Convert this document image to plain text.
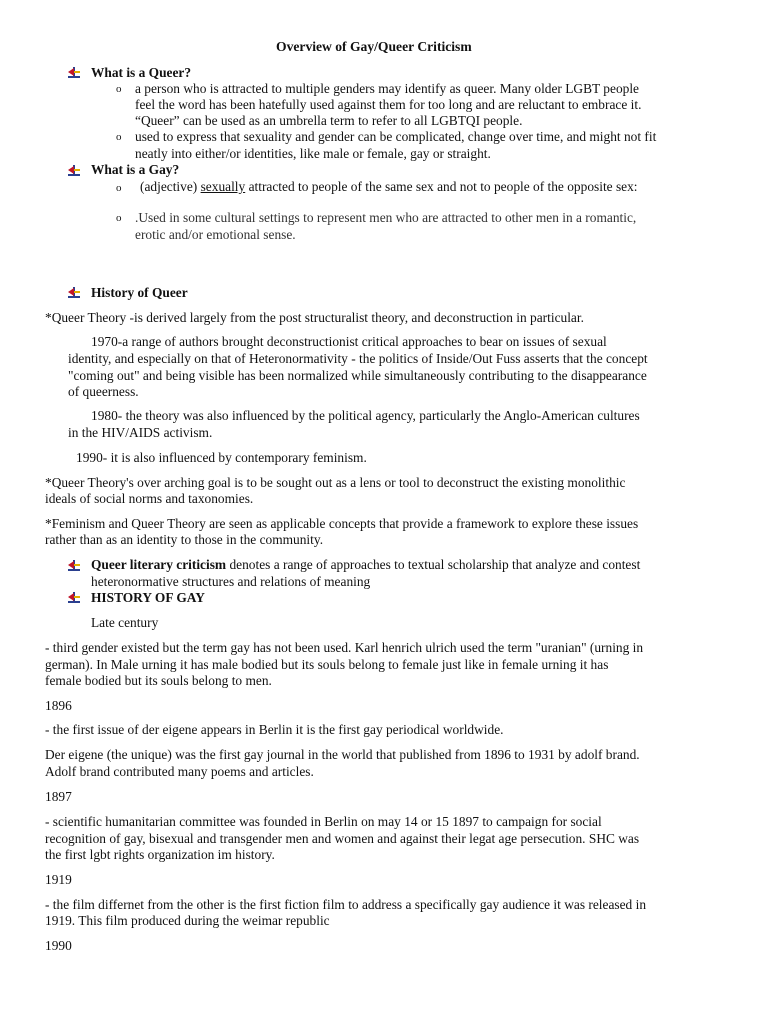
Overview of Gay/Queer Criticism
What is a Queer?
o a person who is attracted to multiple genders may identify as queer. Many older LGBT people
feel the word has been hatefully used against them for too long and are reluctant to embrace it.
“Queer” can be used as an umbrella term to refer to all LGBTQI people.
o used to express that sexuality and gender can be complicated, change over time, and might not fit
neatly into either/or identities, like male or female, gay or straight.
What is a Gay?
o (adjective) sexually attracted to people of the same sex and not to people of the opposite sex:
o .Used in some cultural settings to represent men who are attracted to other men in a romantic,
erotic and/or emotional sense.
History of Queer
*Queer Theory -is derived largely from the post structuralist theory, and deconstruction in particular.
1970-a range of authors brought deconstructionist critical approaches to bear on issues of sexual
identity, and especially on that of Heteronormativity - the politics of Inside/Out Fuss asserts that the concept
"coming out" and being visible has been normalized while simultaneously contributing to the disappearance
of queerness.
1980- the theory was also influenced by the political agency, particularly the Anglo-American cultures
in the HIV/AIDS activism.
1990- it is also influenced by contemporary feminism.
*Queer Theory's over arching goal is to be sought out as a lens or tool to deconstruct the existing monolithic
ideals of social norms and taxonomies.
*Feminism and Queer Theory are seen as applicable concepts that provide a framework to explore these issues
rather than as an identity to those in the community.
Queer literary criticism denotes a range of approaches to textual scholarship that analyze and contest
heteronormative structures and relations of meaning
HISTORY OF GAY
Late century
- third gender existed but the term gay has not been used. Karl henrich ulrich used the term "uranian" (urning in
german). In Male urning it has male bodied but its souls belong to female just like in female urning it has
female bodied but its souls belong to men.
1896
- the first issue of der eigene appears in Berlin it is the first gay periodical worldwide.
Der eigene (the unique) was the first gay journal in the world that published from 1896 to 1931 by adolf brand.
Adolf brand contributed many poems and articles.
1897
- scientific humanitarian committee was founded in Berlin on may 14 or 15 1897 to campaign for social
recognition of gay, bisexual and transgender men and women and against their legat age persecution. SHC was
the first lgbt rights organization im history.
1919
- the film differnet from the other is the first fiction film to address a specifically gay audience it was released in
1919. This film produced during the weimar republic
1990
